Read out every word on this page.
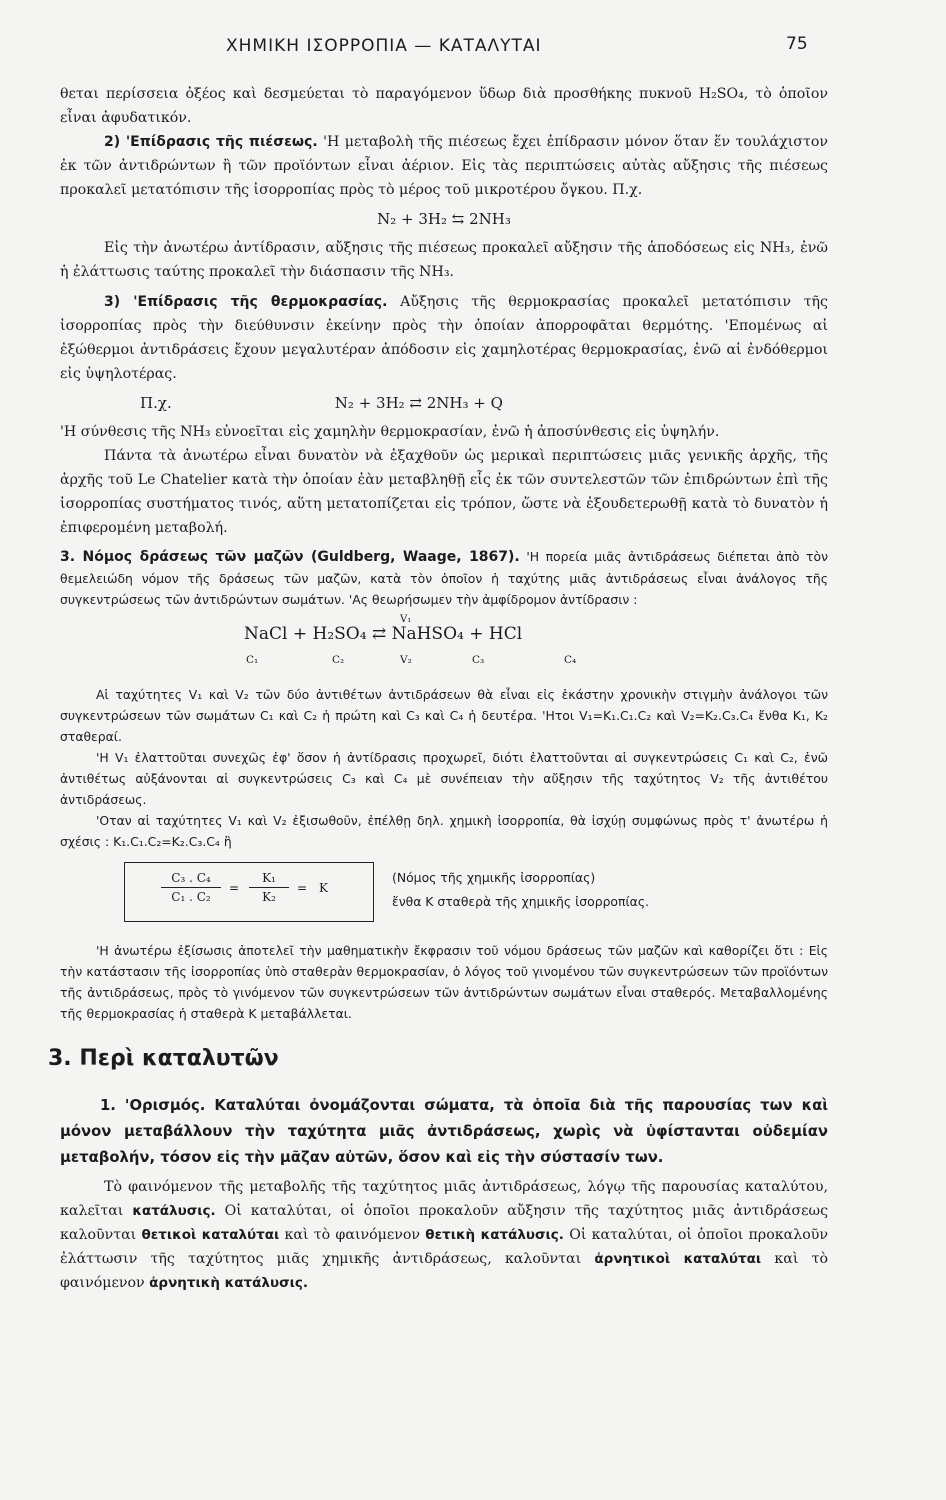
ΧΗΜΙΚΗ ΙΣΟΡΡΟΠΙΑ — ΚΑΤΑΛΥΤΑΙ	75

θεται περίσσεια ὀξέος καὶ δεσμεύεται τὸ παραγόμενον ὕδωρ διὰ προσθήκης πυκνοῦ H₂SO₄, τὸ ὁποῖον εἶναι ἀφυδατικόν.

2) 'Επίδρασις τῆς πιέσεως. 'Η μεταβολὴ τῆς πιέσεως ἔχει ἐπίδρασιν μόνον ὅταν ἕν τουλάχιστον ἐκ τῶν ἀντιδρώντων ἢ τῶν προϊόντων εἶναι ἀέριον. Εἰς τὰς περιπτώσεις αὐτὰς αὔξησις τῆς πιέσεως προκαλεῖ μετατόπισιν τῆς ἰσορροπίας πρὸς τὸ μέρος τοῦ μικροτέρου ὄγκου. Π.χ.

N₂ + 3H₂ ⇆ 2NH₃

Εἰς τὴν ἀνωτέρω ἀντίδρασιν, αὔξησις τῆς πιέσεως προκαλεῖ αὔξησιν τῆς ἀποδόσεως εἰς NH₃, ἐνῶ ἡ ἐλάττωσις ταύτης προκαλεῖ τὴν διάσπασιν τῆς NH₃.

3) 'Επίδρασις τῆς θερμοκρασίας. Αὔξησις τῆς θερμοκρασίας προκαλεῖ μετατόπισιν τῆς ἰσορροπίας πρὸς τὴν διεύθυνσιν ἐκείνην πρὸς τὴν ὁποίαν ἀπορροφᾶται θερμότης. 'Επομένως αἱ ἐξώθερμοι ἀντιδράσεις ἔχουν μεγαλυτέραν ἀπόδοσιν εἰς χαμηλοτέρας θερμοκρασίας, ἐνῶ αἱ ἐνδόθερμοι εἰς ὑψηλοτέρας.

Π.χ.	N₂ + 3H₂ ⇄ 2NH₃ + Q

'Η σύνθεσις τῆς NH₃ εὐνοεῖται εἰς χαμηλὴν θερμοκρασίαν, ἐνῶ ἡ ἀποσύνθεσις εἰς ὑψηλήν.

Πάντα τὰ ἀνωτέρω εἶναι δυνατὸν νὰ ἐξαχθοῦν ὡς μερικαὶ περιπτώσεις μιᾶς γενικῆς ἀρχῆς, τῆς ἀρχῆς τοῦ Le Chatelier κατὰ τὴν ὁποίαν ἐὰν μεταβληθῇ εἷς ἐκ τῶν συντελεστῶν τῶν ἐπιδρώντων ἐπὶ τῆς ἰσορροπίας συστήματος τινός, αὕτη μετατοπίζεται εἰς τρόπον, ὥστε νὰ ἐξουδετερωθῇ κατὰ τὸ δυνατὸν ἡ ἐπιφερομένη μεταβολή.

3. Νόμος δράσεως τῶν μαζῶν (Guldberg, Waage, 1867). 'Η πορεία μιᾶς ἀντιδράσεως διέπεται ἀπὸ τὸν θεμελειώδη νόμον τῆς δράσεως τῶν μαζῶν, κατὰ τὸν ὁποῖον ἡ ταχύτης μιᾶς ἀντιδράσεως εἶναι ἀνάλογος τῆς συγκεντρώσεως τῶν ἀντιδρώντων σωμάτων. 'Ας θεωρήσωμεν τὴν ἀμφίδρομον ἀντίδρασιν :

V₁
NaCl + H₂SO₄ ⇄ NaHSO₄ + HCl
C₁	C₂	V₂	C₃	C₄

Αἱ ταχύτητες V₁ καὶ V₂ τῶν δύο ἀντιθέτων ἀντιδράσεων θὰ εἶναι εἰς ἑκάστην χρονικὴν στιγμὴν ἀνάλογοι τῶν συγκεντρώσεων τῶν σωμάτων C₁ καὶ C₂ ἡ πρώτη καὶ C₃ καὶ C₄ ἡ δευτέρα. 'Ητοι V₁=K₁.C₁.C₂ καὶ V₂=K₂.C₃.C₄ ἔνθα K₁, K₂ σταθεραί.

'Η V₁ ἐλαττοῦται συνεχῶς ἐφ' ὅσον ἡ ἀντίδρασις προχωρεῖ, διότι ἐλαττοῦνται αἱ συγκεντρώσεις C₁ καὶ C₂, ἐνῶ ἀντιθέτως αὐξάνονται αἱ συγκεντρώσεις C₃ καὶ C₄ μὲ συνέπειαν τὴν αὔξησιν τῆς ταχύτητος V₂ τῆς ἀντιθέτου ἀντιδράσεως.

'Οταν αἱ ταχύτητες V₁ καὶ V₂ ἐξισωθοῦν, ἐπέλθῃ δηλ. χημικὴ ἰσορροπία, θὰ ἰσχύῃ συμφώνως πρὸς τ' ἀνωτέρω ἡ σχέσις : K₁.C₁.C₂=K₂.C₃.C₄ ἢ

C₃ . C₄
C₁ . C₂
=
K₁
K₂
= K
(Νόμος τῆς χημικῆς ἰσορροπίας)
ἔνθα K σταθερὰ τῆς χημικῆς ἰσορροπίας.

'Η ἀνωτέρω ἐξίσωσις ἀποτελεῖ τὴν μαθηματικὴν ἔκφρασιν τοῦ νόμου δράσεως τῶν μαζῶν καὶ καθορίζει ὅτι : Εἰς τὴν κατάστασιν τῆς ἰσορροπίας ὑπὸ σταθερὰν θερμοκρασίαν, ὁ λόγος τοῦ γινομένου τῶν συγκεντρώσεων τῶν προϊόντων τῆς ἀντιδράσεως, πρὸς τὸ γινόμενον τῶν συγκεντρώσεων τῶν ἀντιδρώντων σωμάτων εἶναι σταθερός. Μεταβαλλομένης τῆς θερμοκρασίας ἡ σταθερὰ K μεταβάλλεται.

3. Περὶ καταλυτῶν

1. 'Ορισμός. Καταλύται ὀνομάζονται σώματα, τὰ ὁποῖα διὰ τῆς παρουσίας των καὶ μόνον μεταβάλλουν τὴν ταχύτητα μιᾶς ἀντιδράσεως, χωρὶς νὰ ὑφίστανται οὐδεμίαν μεταβολήν, τόσον εἰς τὴν μᾶζαν αὐτῶν, ὅσον καὶ εἰς τὴν σύστασίν των.

Τὸ φαινόμενον τῆς μεταβολῆς τῆς ταχύτητος μιᾶς ἀντιδράσεως, λόγῳ τῆς παρουσίας καταλύτου, καλεῖται κατάλυσις. Οἱ καταλύται, οἱ ὁποῖοι προκαλοῦν αὔξησιν τῆς ταχύτητος μιᾶς ἀντιδράσεως καλοῦνται θετικοὶ καταλύται καὶ τὸ φαινόμενον θετικὴ κατάλυσις. Οἱ καταλύται, οἱ ὁποῖοι προκαλοῦν ἐλάττωσιν τῆς ταχύτητος μιᾶς χημικῆς ἀντιδράσεως, καλοῦνται ἀρνητικοὶ καταλύται καὶ τὸ φαινόμενον ἀρνητικὴ κατάλυσις.
